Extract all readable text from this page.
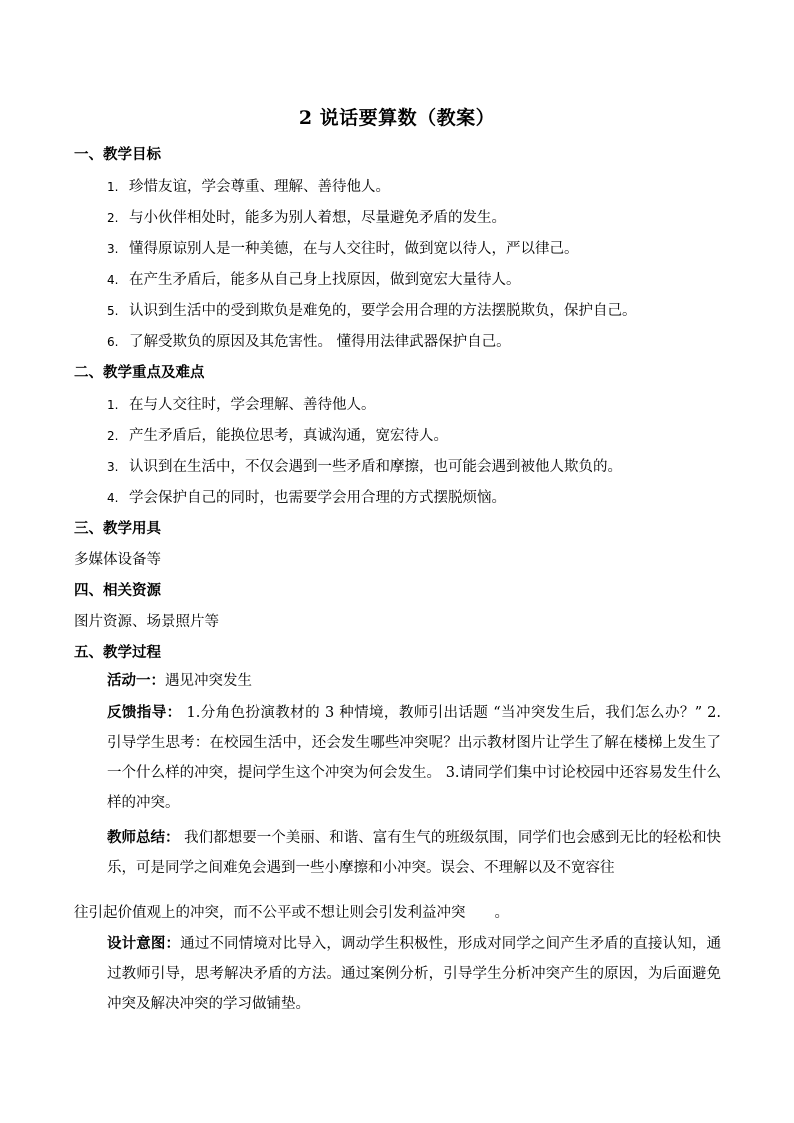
2 说话要算数（教案）
一、教学目标
1. 珍惜友谊，学会尊重、理解、善待他人。
2. 与小伙伴相处时，能多为别人着想，尽量避免矛盾的发生。
3. 懂得原谅别人是一种美德，在与人交往时，做到宽以待人，严以律己。
4. 在产生矛盾后，能多从自己身上找原因，做到宽宏大量待人。
5. 认识到生活中的受到欺负是难免的，要学会用合理的方法摆脱欺负，保护自己。
6. 了解受欺负的原因及其危害性。 懂得用法律武器保护自己。
二、教学重点及难点
1. 在与人交往时，学会理解、善待他人。
2. 产生矛盾后，能换位思考，真诚沟通，宽宏待人。
3. 认识到在生活中，不仅会遇到一些矛盾和摩擦，也可能会遇到被他人欺负的。
4. 学会保护自己的同时，也需要学会用合理的方式摆脱烦恼。
三、教学用具
多媒体设备等
四、相关资源
图片资源、场景照片等
五、教学过程
活动一：遇见冲突发生
反馈指导： 1.分角色扮演教材的 3 种情境，教师引出话题 “当冲突发生后，我们怎么办？” 2. 引导学生思考：在校园生活中，还会发生哪些冲突呢？出示教材图片让学生了解在楼梯上发生了一个什么样的冲突，提问学生这个冲突为何会发生。 3.请同学们集中讨论校园中还容易发生什么样的冲突。
教师总结： 我们都想要一个美丽、和谐、富有生气的班级氛围，同学们也会感到无比的轻松和快乐，可是同学之间难免会遇到一些小摩擦和小冲突。误会、不理解以及不宽容往
往引起价值观上的冲突，而不公平或不想让则会引发利益冲突　　。
设计意图：通过不同情境对比导入，调动学生积极性，形成对同学之间产生矛盾的直接认知，通过教师引导，思考解决矛盾的方法。通过案例分析，引导学生分析冲突产生的原因，为后面避免冲突及解决冲突的学习做铺垫。
